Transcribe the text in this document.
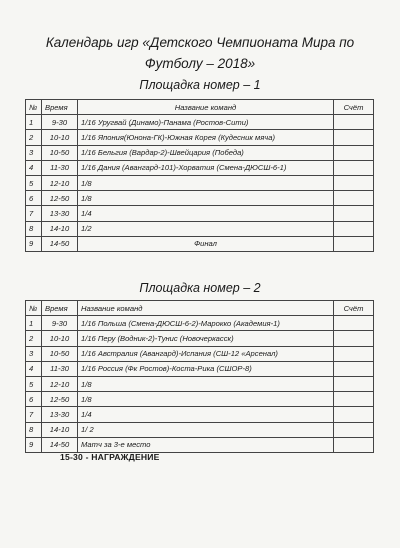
Календарь игр «Детского Чемпионата Мира по
Футболу – 2018»
Площадка номер – 1
№	Время	Название команд	Счёт
1	9-30	1/16 Уругвай (Динамо)-Панама (Ростов-Сити)	
2	10-10	1/16 Япония(Юнона-ГК)-Южная Корея (Кудесник мяча)	
3	10-50	1/16 Бельгия (Вардар-2)-Швейцария (Победа)	
4	11-30	1/16 Дания (Авангард-101)-Хорватия (Смена-ДЮСШ-6-1)	
5	12-10	1/8	
6	12-50	1/8	
7	13-30	1/4	
8	14-10	1/2	
9	14-50	Финал	
Площадка номер – 2
№	Время	Название команд	Счёт
1	9-30	1/16 Польша (Смена-ДЮСШ-6-2)-Марокко (Академия-1)	
2	10-10	1/16 Перу (Водник-2)-Тунис (Новочеркасск)	
3	10-50	1/16 Австралия (Авангард)-Испания (СШ-12 «Арсенал)	
4	11-30	1/16 Россия (Фк Ростов)-Коста-Рика (СШОР-8)	
5	12-10	1/8	
6	12-50	1/8	
7	13-30	1/4	
8	14-10	1/ 2	
9	14-50	Матч за 3-е место	
15-30 - НАГРАЖДЕНИЕ
